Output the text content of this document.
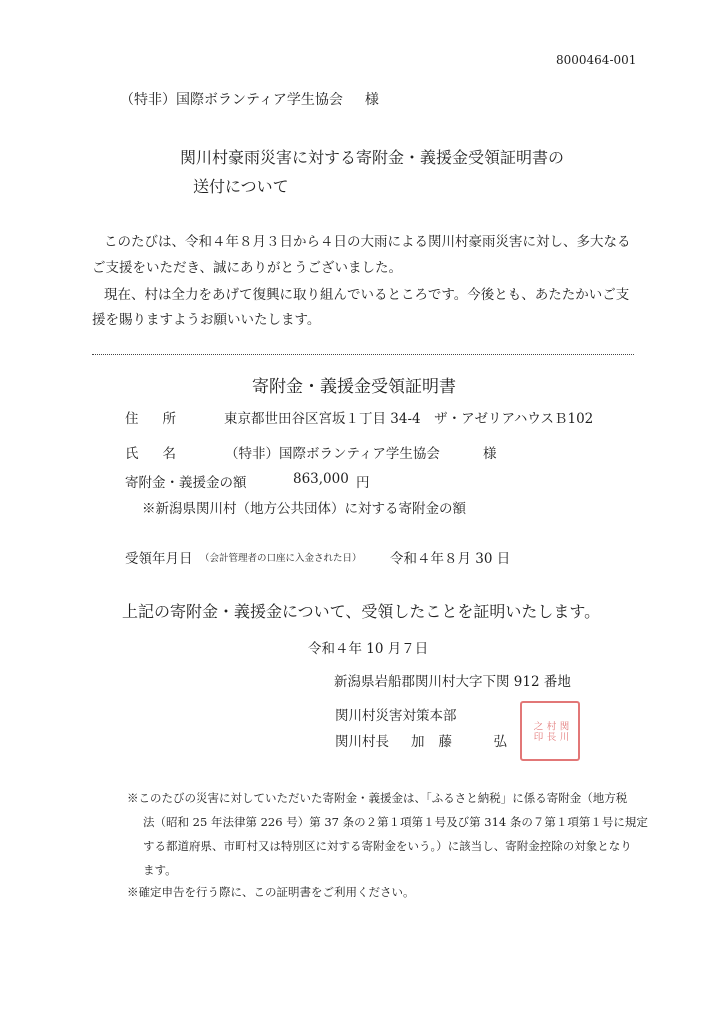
8000464-001
（特非）国際ボランティア学生協会 様
関川村豪雨災害に対する寄附金・義援金受領証明書の
送付について
このたびは、令和４年８月３日から４日の大雨による関川村豪雨災害に対し、多大なる
ご支援をいただき、誠にありがとうございました。
現在、村は全力をあげて復興に取り組んでいるところです。今後とも、あたたかいご支
援を賜りますようお願いいたします。
寄附金・義援金受領証明書
住所 東京都世田谷区宮坂１丁目 34-4　ザ・アゼリアハウスＢ102
氏名 （特非）国際ボランティア学生協会	様
寄附金・義援金の額	863,000 円
※新潟県関川村（地方公共団体）に対する寄附金の額
受領年月日 （会計管理者の口座に入金された日） 令和４年８月 30 日
上記の寄附金・義援金について、受領したことを証明いたします。
令和４年 10 月７日
新潟県岩船郡関川村大字下関 912 番地
関川村災害対策本部
関川村長 加藤　弘
関川
村長
之印
※このたびの災害に対していただいた寄附金・義援金は、「ふるさと納税」に係る寄附金（地方税
法（昭和 25 年法律第 226 号）第 37 条の２第１項第１号及び第 314 条の７第１項第１号に規定
する都道府県、市町村又は特別区に対する寄附金をいう。）に該当し、寄附金控除の対象となり
ます。
※確定申告を行う際に、この証明書をご利用ください。
